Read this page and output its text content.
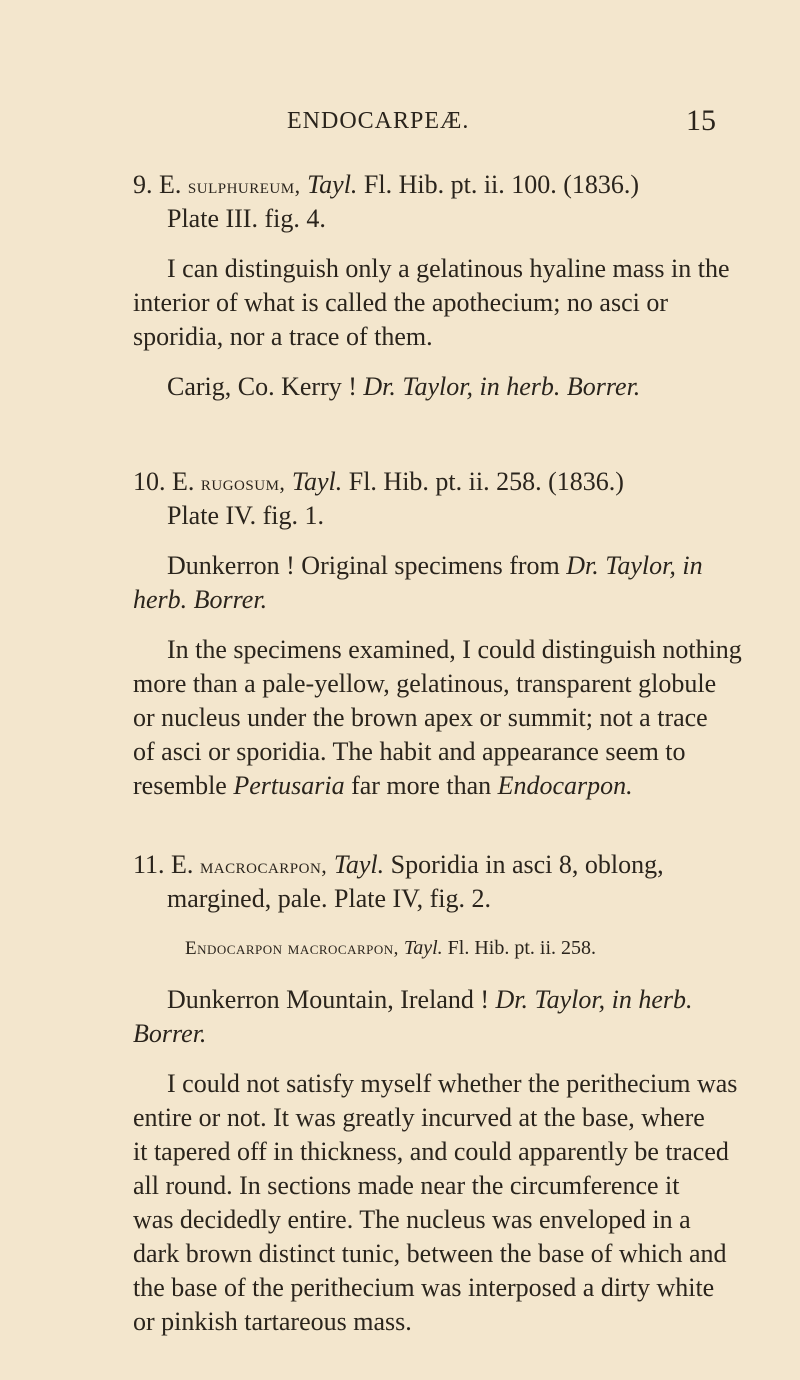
ENDOCARPEÆ.	15
9. E. sulphureum, Tayl. Fl. Hib. pt. ii. 100. (1836.)
Plate III. fig. 4.
I can distinguish only a gelatinous hyaline mass in the
interior of what is called the apothecium; no asci or
sporidia, nor a trace of them.
Carig, Co. Kerry ! Dr. Taylor, in herb. Borrer.
10. E. rugosum, Tayl. Fl. Hib. pt. ii. 258. (1836.)
Plate IV. fig. 1.
Dunkerron ! Original specimens from Dr. Taylor, in
herb. Borrer.
In the specimens examined, I could distinguish nothing
more than a pale-yellow, gelatinous, transparent globule
or nucleus under the brown apex or summit; not a trace
of asci or sporidia. The habit and appearance seem to
resemble Pertusaria far more than Endocarpon.
11. E. macrocarpon, Tayl. Sporidia in asci 8, oblong,
margined, pale. Plate IV, fig. 2.
Endocarpon macrocarpon, Tayl. Fl. Hib. pt. ii. 258.
Dunkerron Mountain, Ireland ! Dr. Taylor, in herb.
Borrer.
I could not satisfy myself whether the perithecium was
entire or not. It was greatly incurved at the base, where
it tapered off in thickness, and could apparently be traced
all round. In sections made near the circumference it
was decidedly entire. The nucleus was enveloped in a
dark brown distinct tunic, between the base of which and
the base of the perithecium was interposed a dirty white
or pinkish tartareous mass.
